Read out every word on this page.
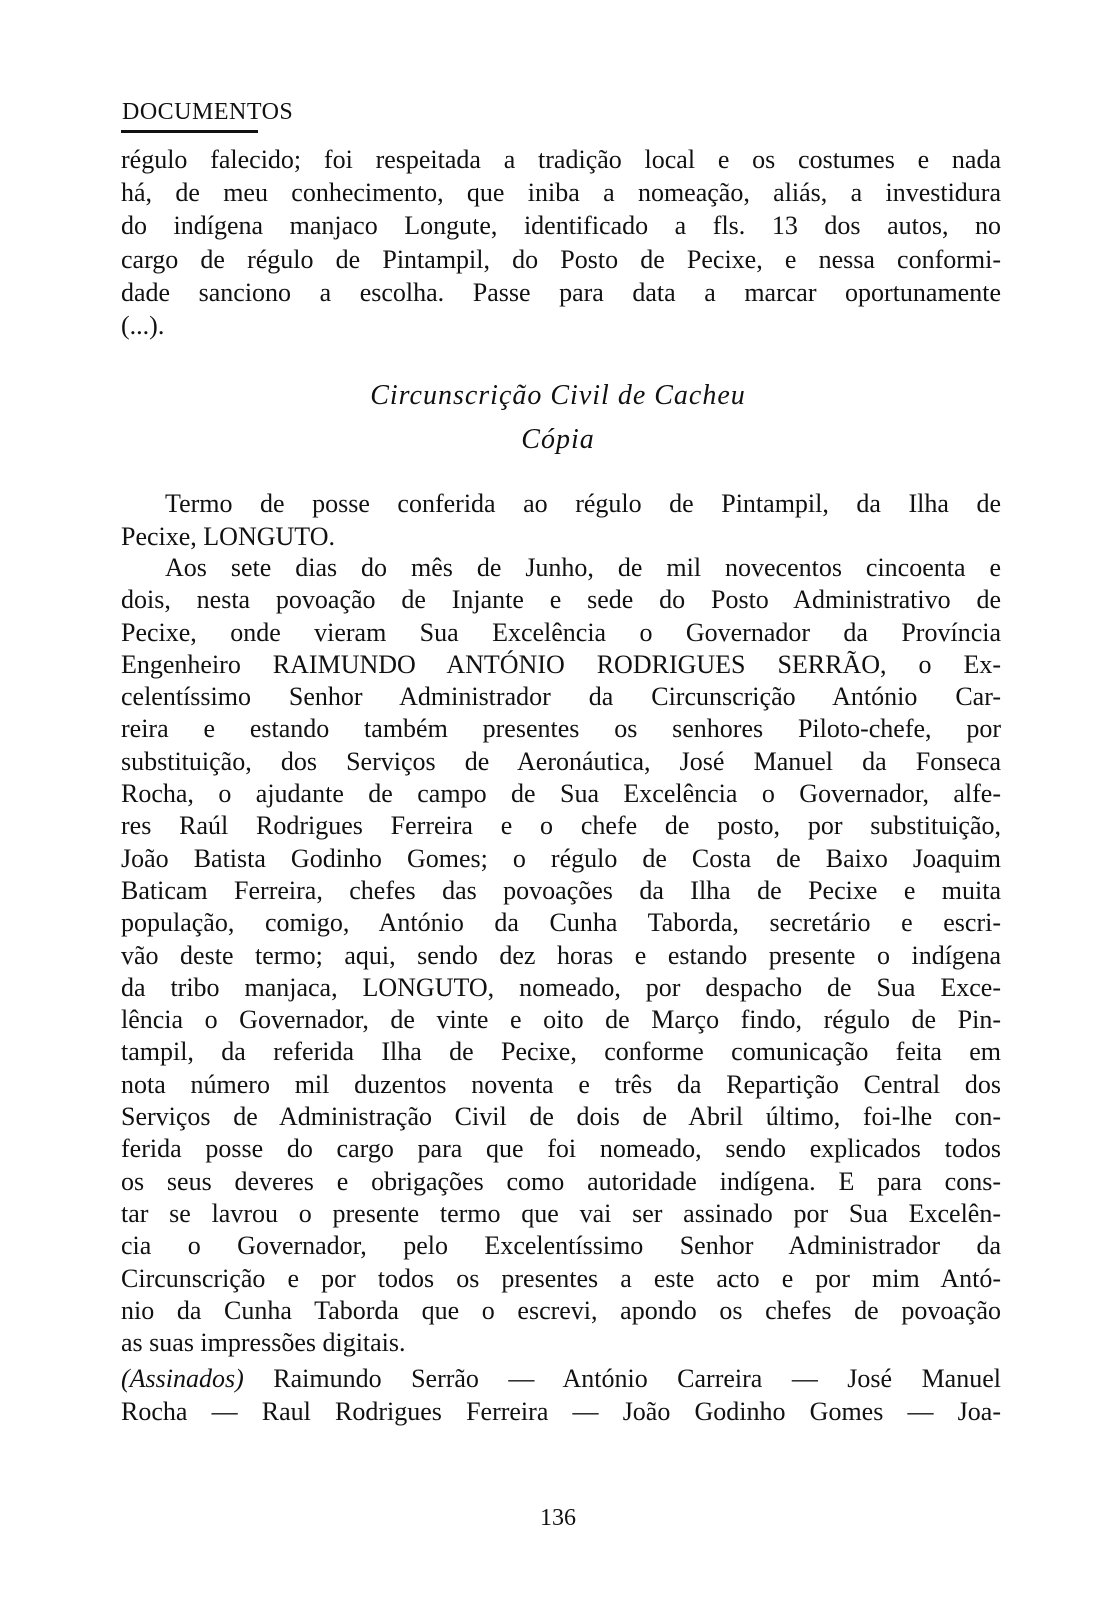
DOCUMENTOS
régulo falecido; foi respeitada a tradição local e os costumes e nada
há, de meu conhecimento, que iniba a nomeação, aliás, a investidura
do indígena manjaco Longute, identificado a fls. 13 dos autos, no
cargo de régulo de Pintampil, do Posto de Pecixe, e nessa conformi-
dade sanciono a escolha. Passe para data a marcar oportunamente
(...).
Circunscrição Civil de Cacheu
Cópia
Termo de posse conferida ao régulo de Pintampil, da Ilha de
Pecixe, LONGUTO.
Aos sete dias do mês de Junho, de mil novecentos cincoenta e
dois, nesta povoação de Injante e sede do Posto Administrativo de
Pecixe, onde vieram Sua Excelência o Governador da Província
Engenheiro RAIMUNDO ANTÓNIO RODRIGUES SERRÃO, o Ex-
celentíssimo Senhor Administrador da Circunscrição António Car-
reira e estando também presentes os senhores Piloto-chefe, por
substituição, dos Serviços de Aeronáutica, José Manuel da Fonseca
Rocha, o ajudante de campo de Sua Excelência o Governador, alfe-
res Raúl Rodrigues Ferreira e o chefe de posto, por substituição,
João Batista Godinho Gomes; o régulo de Costa de Baixo Joaquim
Baticam Ferreira, chefes das povoações da Ilha de Pecixe e muita
população, comigo, António da Cunha Taborda, secretário e escri-
vão deste termo; aqui, sendo dez horas e estando presente o indígena
da tribo manjaca, LONGUTO, nomeado, por despacho de Sua Exce-
lência o Governador, de vinte e oito de Março findo, régulo de Pin-
tampil, da referida Ilha de Pecixe, conforme comunicação feita em
nota número mil duzentos noventa e três da Repartição Central dos
Serviços de Administração Civil de dois de Abril último, foi-lhe con-
ferida posse do cargo para que foi nomeado, sendo explicados todos
os seus deveres e obrigações como autoridade indígena. E para cons-
tar se lavrou o presente termo que vai ser assinado por Sua Excelên-
cia o Governador, pelo Excelentíssimo Senhor Administrador da
Circunscrição e por todos os presentes a este acto e por mim Antó-
nio da Cunha Taborda que o escrevi, apondo os chefes de povoação
as suas impressões digitais.
(Assinados) Raimundo Serrão — António Carreira — José Manuel
Rocha — Raul Rodrigues Ferreira — João Godinho Gomes — Joa-
136
